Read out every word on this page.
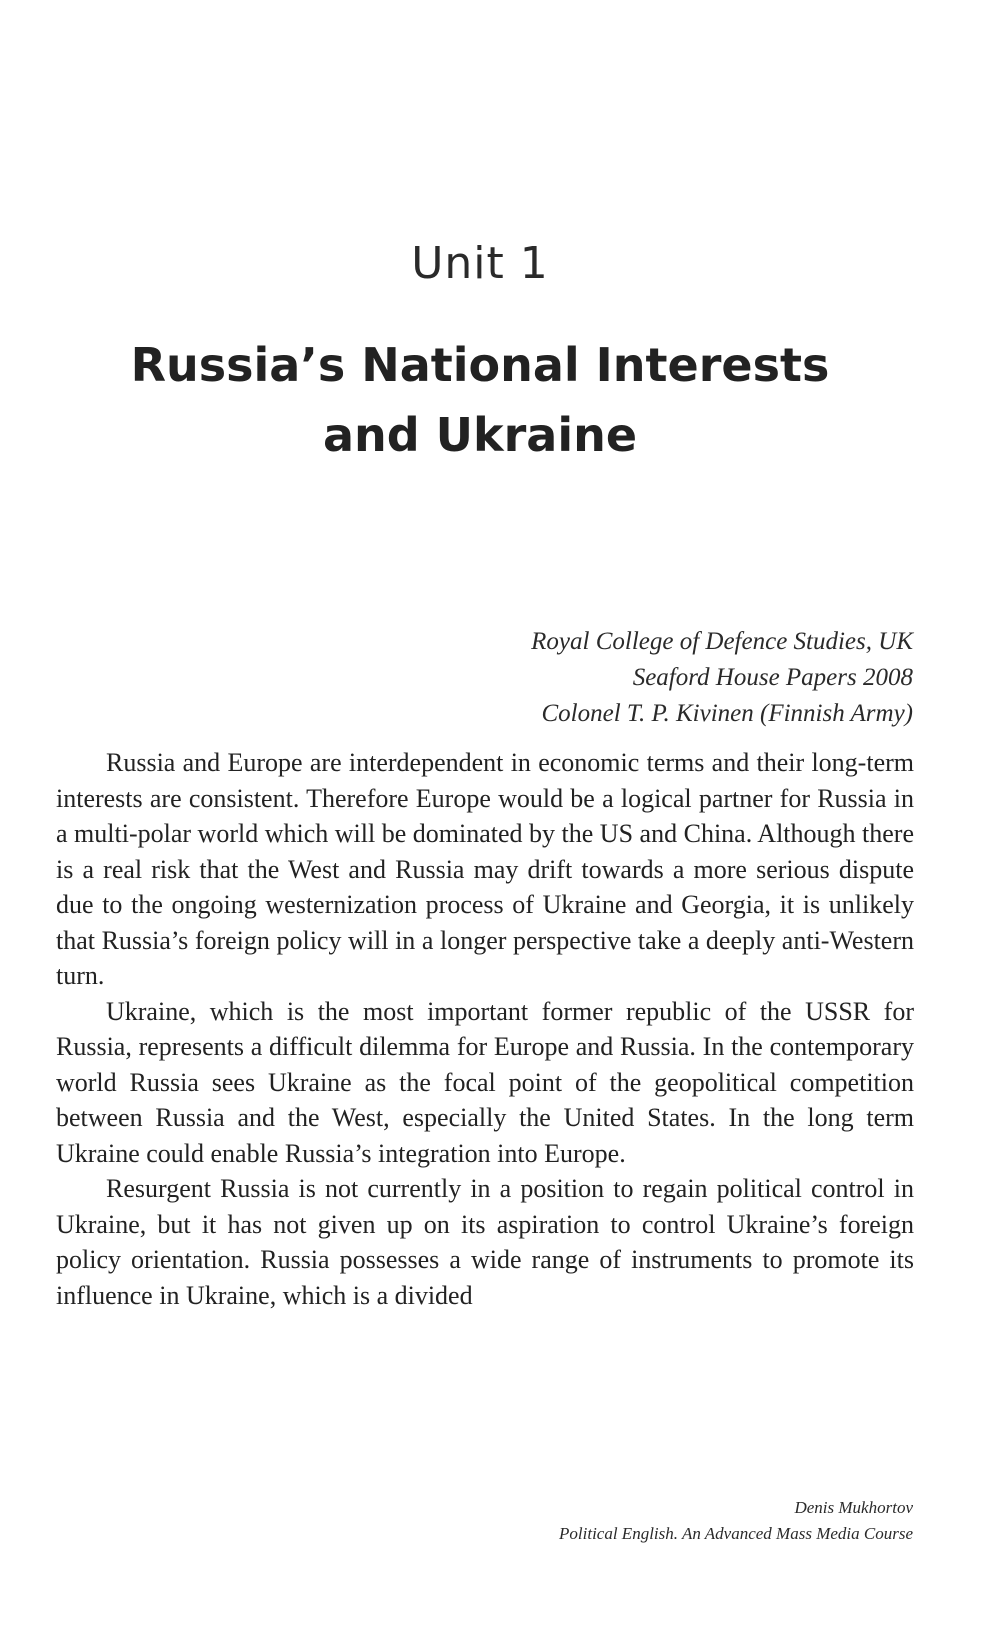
Unit 1
Russia’s National Interests
and Ukraine
Royal College of Defence Studies, UK
Seaford House Papers 2008
Colonel T. P. Kivinen (Finnish Army)

Russia and Europe are interdependent in economic terms and their long-term interests are consistent. Therefore Europe would be a logical partner for Russia in a multi-polar world which will be dominated by the US and China. Although there is a real risk that the West and Russia may drift towards a more serious dispute due to the ongoing westernization process of Ukraine and Georgia, it is unlikely that Russia’s foreign policy will in a longer perspective take a deeply anti-Western turn.

Ukraine, which is the most important former republic of the USSR for Russia, represents a difficult dilemma for Europe and Russia. In the contemporary world Russia sees Ukraine as the focal point of the geopolitical competition between Russia and the West, especially the United States. In the long term Ukraine could enable Russia’s integration into Europe.

Resurgent Russia is not currently in a position to regain political control in Ukraine, but it has not given up on its aspiration to control Ukraine’s foreign policy orientation. Russia possesses a wide range of instruments to promote its influence in Ukraine, which is a divided

Denis Mukhortov
Political English. An Advanced Mass Media Course
